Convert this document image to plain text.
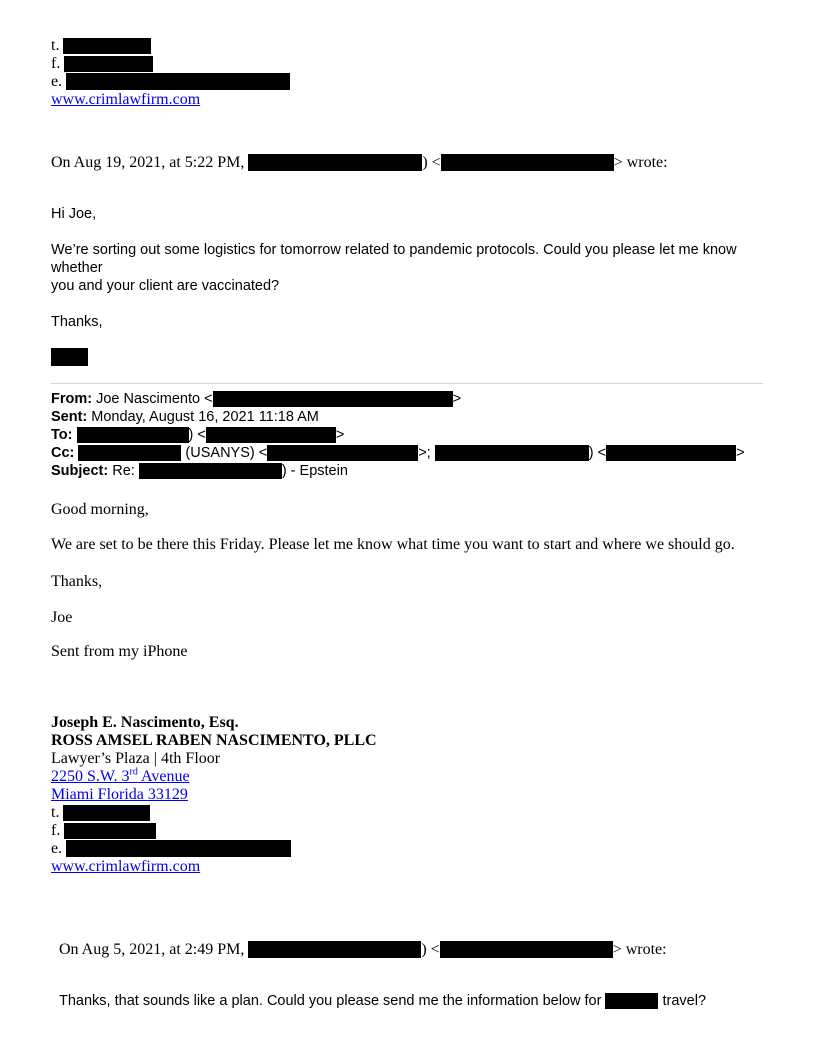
t.
f.
e.
www.crimlawfirm.com
On Aug 19, 2021, at 5:22 PM,	) <	> wrote:
Hi Joe,
We’re sorting out some logistics for tomorrow related to pandemic protocols. Could you please let me know whether
you and your client are vaccinated?
Thanks,
From: Joe Nascimento <	>
Sent: Monday, August 16, 2021 11:18 AM
To:	) <	>
Cc:	(USANYS) <	>;	) <	>
Subject: Re:	) - Epstein
Good morning,
We are set to be there this Friday. Please let me know what time you want to start and where we should go.
Thanks,
Joe
Sent from my iPhone
Joseph E. Nascimento, Esq.
ROSS AMSEL RABEN NASCIMENTO, PLLC
Lawyer’s Plaza | 4th Floor
2250 S.W. 3rd Avenue
Miami Florida 33129
t.
f.
e.
www.crimlawfirm.com
On Aug 5, 2021, at 2:49 PM,	) <	> wrote:
Thanks, that sounds like a plan. Could you please send me the information below for	travel?
